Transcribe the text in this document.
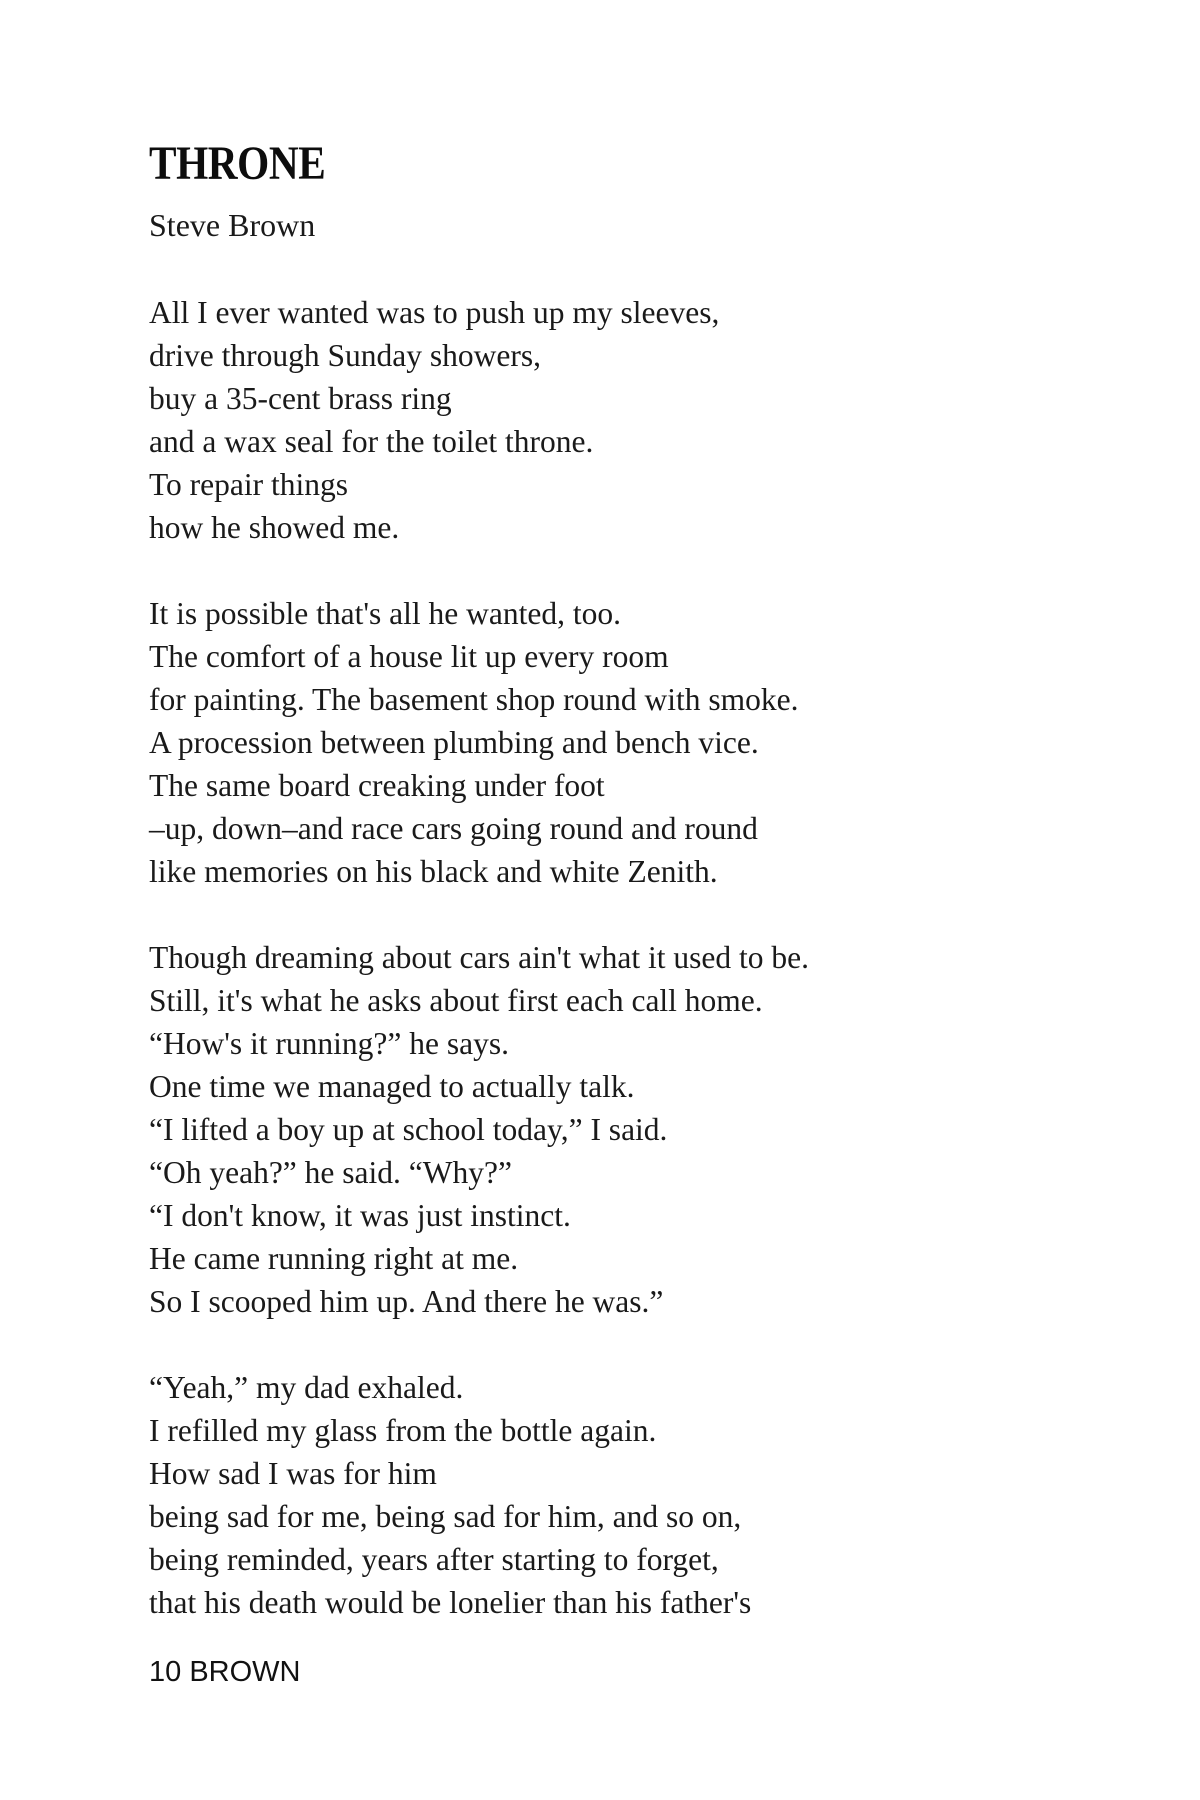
THRONE

Steve Brown

All I ever wanted was to push up my sleeves,
drive through Sunday showers,
buy a 35-cent brass ring
and a wax seal for the toilet throne.
To repair things
how he showed me.
It is possible that's all he wanted, too.
The comfort of a house lit up every room
for painting. The basement shop round with smoke.
A procession between plumbing and bench vice.
The same board creaking under foot
–up, down–and race cars going round and round
like memories on his black and white Zenith.
Though dreaming about cars ain't what it used to be.
Still, it's what he asks about first each call home.
“How's it running?” he says.
One time we managed to actually talk.
“I lifted a boy up at school today,” I said.
“Oh yeah?” he said. “Why?”
“I don't know, it was just instinct.
He came running right at me.
So I scooped him up. And there he was.”
“Yeah,” my dad exhaled.
I refilled my glass from the bottle again.
How sad I was for him
being sad for me, being sad for him, and so on,
being reminded, years after starting to forget,
that his death would be lonelier than his father's

10 BROWN
